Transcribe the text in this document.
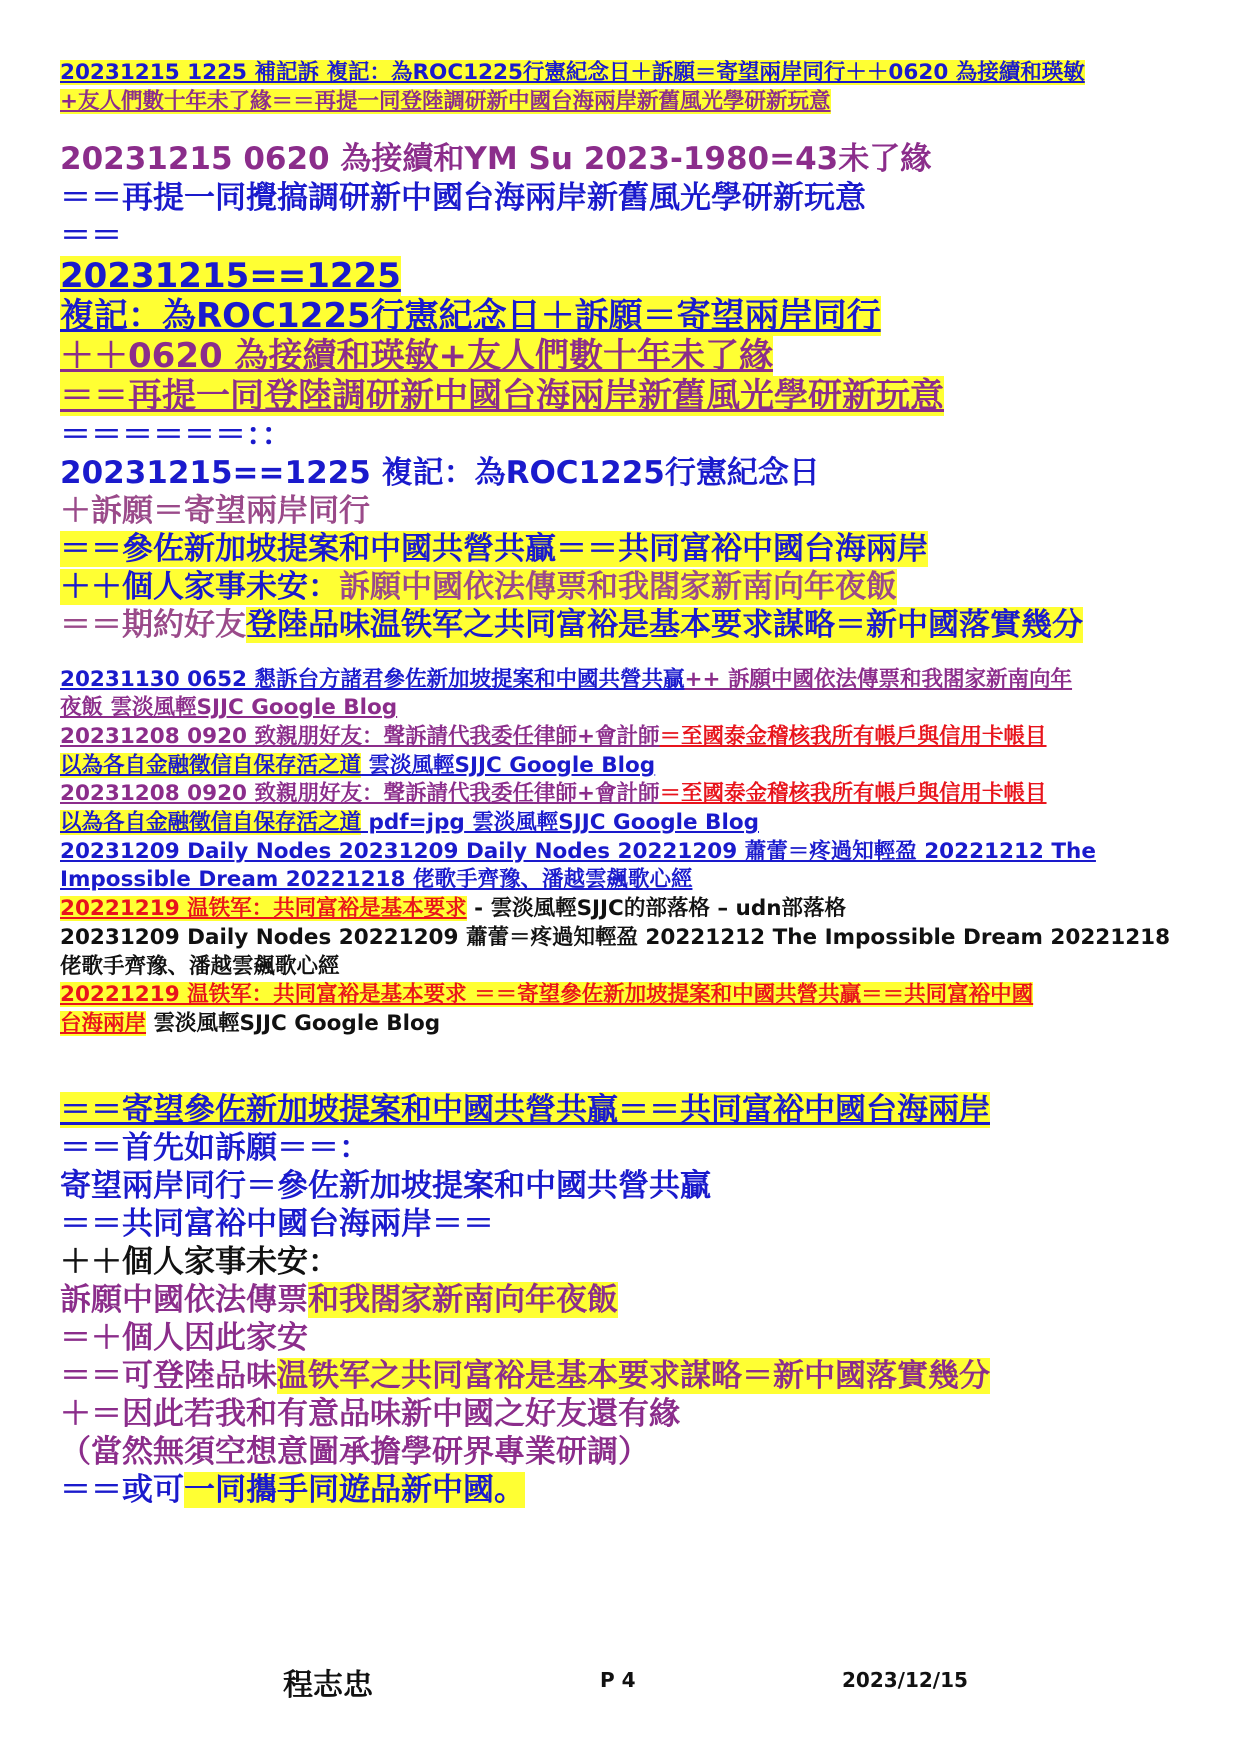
20231215 1225 補記訴 複記：為ROC1225行憲紀念日＋訴願＝寄望兩岸同行＋＋0620 為接續和瑛敏
+友人們數十年未了緣＝＝再提一同登陸調研新中國台海兩岸新舊風光學研新玩意
20231215 0620 為接續和YM Su 2023-1980=43未了緣
＝＝再提一同攪搞調研新中國台海兩岸新舊風光學研新玩意
＝＝
20231215==1225
複記：為ROC1225行憲紀念日＋訴願＝寄望兩岸同行
＋＋0620 為接續和瑛敏+友人們數十年未了緣
＝＝再提一同登陸調研新中國台海兩岸新舊風光學研新玩意
＝＝＝＝＝＝：：
20231215==1225 複記：為ROC1225行憲紀念日
＋訴願＝寄望兩岸同行
＝＝參佐新加坡提案和中國共營共贏＝＝共同富裕中國台海兩岸
＋＋個人家事未安：訴願中國依法傳票和我閤家新南向年夜飯
＝＝期約好友登陸品味温铁军之共同富裕是基本要求謀略＝新中國落實幾分
20231130 0652 懇訴台方諸君參佐新加坡提案和中國共營共贏++ 訴願中國依法傳票和我閤家新南向年
夜飯 雲淡風輕SJJC Google Blog
20231208 0920 致親朋好友：聲訴請代我委任律師+會計師＝至國泰金稽核我所有帳戶與信用卡帳目
以為各自金融徵信自保存活之道 雲淡風輕SJJC Google Blog
20231208 0920 致親朋好友：聲訴請代我委任律師+會計師＝至國泰金稽核我所有帳戶與信用卡帳目
以為各自金融徵信自保存活之道 pdf=jpg 雲淡風輕SJJC Google Blog
20231209 Daily Nodes 20231209 Daily Nodes 20221209 蕭蕾＝疼過知輕盈 20221212 The
Impossible Dream 20221218 佬歌手齊豫、潘越雲飆歌心經
20221219 温铁军：共同富裕是基本要求 - 雲淡風輕SJJC的部落格 – udn部落格
20231209 Daily Nodes 20221209 蕭蕾＝疼過知輕盈 20221212 The Impossible Dream 20221218
佬歌手齊豫、潘越雲飆歌心經
20221219 温铁军：共同富裕是基本要求 ＝＝寄望參佐新加坡提案和中國共營共贏＝＝共同富裕中國
台海兩岸 雲淡風輕SJJC Google Blog
＝＝寄望參佐新加坡提案和中國共營共贏＝＝共同富裕中國台海兩岸
＝＝首先如訴願＝＝：
寄望兩岸同行＝參佐新加坡提案和中國共營共贏
＝＝共同富裕中國台海兩岸＝＝
＋＋個人家事未安：
訴願中國依法傳票和我閤家新南向年夜飯
＝＋個人因此家安
＝＝可登陸品味温铁军之共同富裕是基本要求謀略＝新中國落實幾分
＋＝因此若我和有意品味新中國之好友還有緣
（當然無須空想意圖承擔學研界專業研調）
＝＝或可一同攜手同遊品新中國。
程志忠	P 4	2023/12/15
